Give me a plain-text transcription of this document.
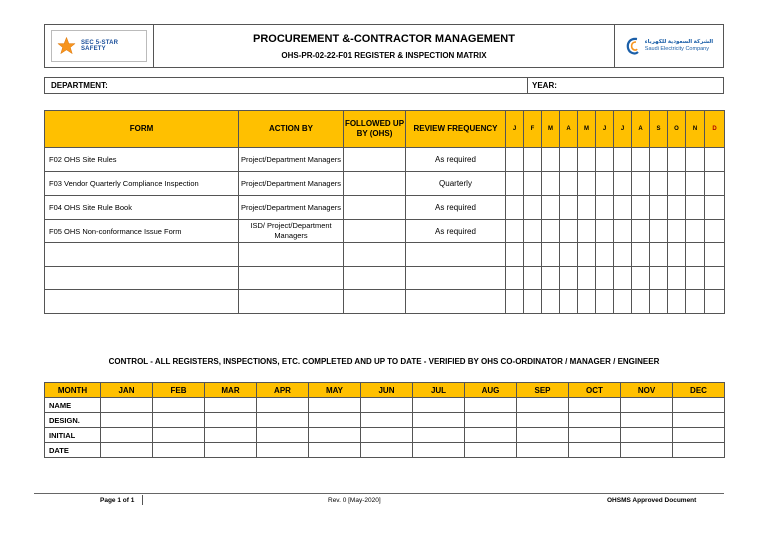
SEC 5-STAR SAFETY
PROCUREMENT &-CONTRACTOR MANAGEMENT
OHS-PR-02-22-F01 REGISTER & INSPECTION MATRIX
الشركة السعودية للكهرباء
Saudi Electricity Company
DEPARTMENT:	YEAR:
FORM	ACTION BY	FOLLOWED UP BY (OHS)	REVIEW FREQUENCY	J	F	M	A	M	J	J	A	S	O	N	D
F02 OHS Site Rules	Project/Department Managers		As required												
F03 Vendor Quarterly Compliance Inspection	Project/Department Managers		Quarterly												
F04 OHS Site Rule Book	Project/Department Managers		As required												
F05 OHS Non-conformance Issue Form	ISD/ Project/Department Managers		As required												

CONTROL - ALL REGISTERS, INSPECTIONS, ETC. COMPLETED AND UP TO DATE - VERIFIED BY OHS CO-ORDINATOR / MANAGER / ENGINEER
MONTH	JAN	FEB	MAR	APR	MAY	JUN	JUL	AUG	SEP	OCT	NOV	DEC
NAME												
DESIGN.												
INITIAL												
DATE												
Page 1 of 1	Rev. 0 [May-2020]	OHSMS Approved Document
